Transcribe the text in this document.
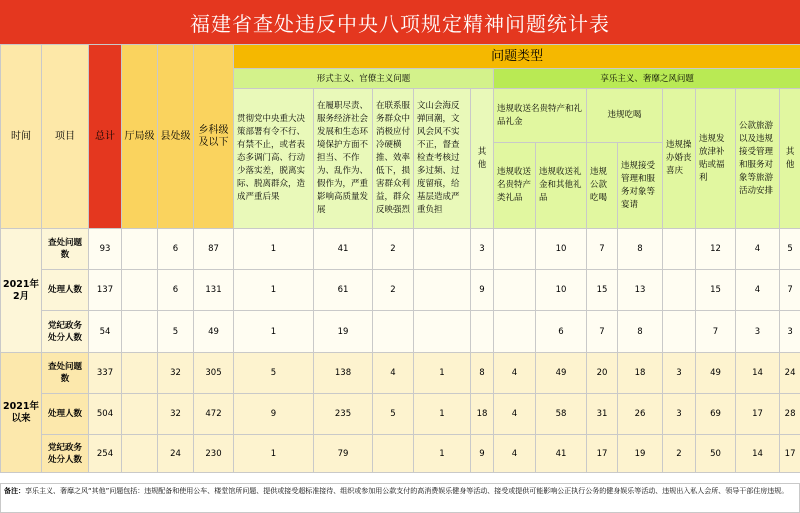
福建省查处违反中央八项规定精神问题统计表
时间	项目	总计	厅局级	县处级	乡科级及以下	问题类型												
						形式主义、官僚主义问题					享乐主义、奢靡之风问题							
						贯彻党中央重大决策部署有令不行、有禁不止，或者表态多调门高、行动少落实差，脱离实际、脱离群众，造成严重后果	在履职尽责、服务经济社会发展和生态环境保护方面不担当、不作为、乱作为、假作为，严重影响高质量发展	在联系服务群众中消极应付冷硬横推、效率低下，损害群众利益，群众反映强烈	文山会海反弹回潮，文风会风不实不正，督查检查考核过多过频、过度留痕，给基层造成严重负担	其他	违规收送名贵特产和礼品礼金		违规吃喝		违规操办婚丧喜庆	违规发放津补贴或福利	公款旅游以及违规接受管理和服务对象等旅游活动安排	其他
											违规收送名贵特产类礼品	违规收送礼金和其他礼品	违规公款吃喝	违规接受管理和服务对象等宴请				
2021年2月	查处问题数	93		6	87	1	41	2		3		10	7	8		12	4	5
	处理人数	137		6	131	1	61	2		9		10	15	13		15	4	7
	党纪政务处分人数	54		5	49	1	19					6	7	8		7	3	3
2021年以来	查处问题数	337		32	305	5	138	4	1	8	4	49	20	18	3	49	14	24
	处理人数	504		32	472	9	235	5	1	18	4	58	31	26	3	69	17	28
	党纪政务处分人数	254		24	230	1	79		1	9	4	41	17	19	2	50	14	17
备注：享乐主义、奢靡之风“其他”问题包括：违规配备和使用公车、楼堂馆所问题、提供或接受超标准接待、组织或参加用公款支付的高消费娱乐健身等活动、接受或提供可能影响公正执行公务的健身娱乐等活动、违规出入私人会所、领导干部住房违规。
